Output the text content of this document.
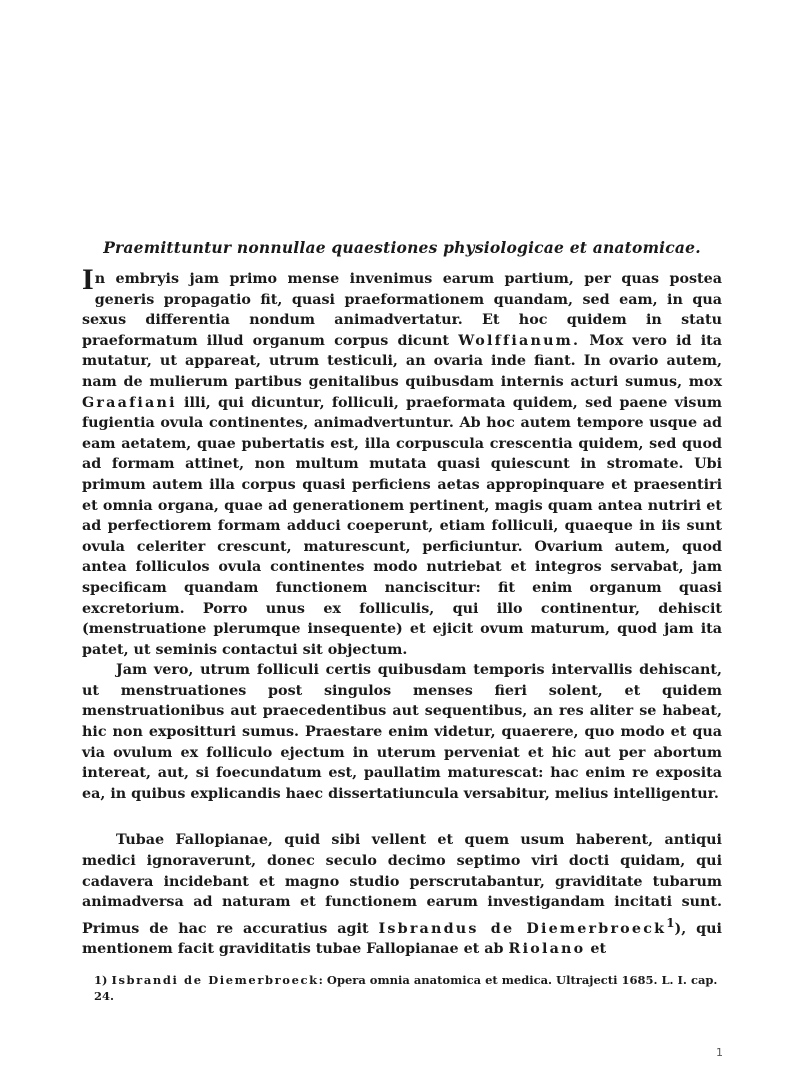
Praemittuntur nonnullae quaestiones physiologicae et anatomicae.

In embryis jam primo mense invenimus earum partium, per quas postea generis propagatio fit, quasi praeformationem quandam, sed eam, in qua sexus differentia nondum animadvertatur. Et hoc quidem in statu praeformatum illud organum corpus dicunt Wolffianum. Mox vero id ita mutatur, ut appareat, utrum testiculi, an ovaria inde fiant. In ovario autem, nam de mulierum partibus genitalibus quibusdam internis acturi sumus, mox Graafiani illi, qui dicuntur, folliculi, praeformata quidem, sed paene visum fugientia ovula continentes, animadvertuntur. Ab hoc autem tempore usque ad eam aetatem, quae pubertatis est, illa corpuscula crescentia quidem, sed quod ad formam attinet, non multum mutata quasi quiescunt in stromate. Ubi primum autem illa corpus quasi perficiens aetas appropinquare et praesentiri et omnia organa, quae ad generationem pertinent, magis quam antea nutriri et ad perfectiorem formam adduci coeperunt, etiam folliculi, quaeque in iis sunt ovula celeriter crescunt, maturescunt, perficiuntur. Ovarium autem, quod antea folliculos ovula continentes modo nutriebat et integros servabat, jam specificam quandam functionem nanciscitur: fit enim organum quasi excretorium. Porro unus ex folliculis, qui illo continentur, dehiscit (menstruatione plerumque insequente) et ejicit ovum maturum, quod jam ita patet, ut seminis contactui sit objectum.

Jam vero, utrum folliculi certis quibusdam temporis intervallis dehiscant, ut menstruationes post singulos menses fieri solent, et quidem menstruationibus aut praecedentibus aut sequentibus, an res aliter se habeat, hic non expositturi sumus. Praestare enim videtur, quaerere, quo modo et qua via ovulum ex folliculo ejectum in uterum perveniat et hic aut per abortum intereat, aut, si foecundatum est, paullatim maturescat: hac enim re exposita ea, in quibus explicandis haec dissertatiuncula versabitur, melius intelligentur.

Tubae Fallopianae, quid sibi vellent et quem usum haberent, antiqui medici ignoraverunt, donec seculo decimo septimo viri docti quidam, qui cadavera incidebant et magno studio perscrutabantur, graviditate tubarum animadversa ad naturam et functionem earum investigandam incitati sunt. Primus de hac re accuratius agit Isbrandus de Diemerbroeck$^1$), qui mentionem facit graviditatis tubae Fallopianae et ab Riolano et

1) Isbrandi de Diemerbroeck: Opera omnia anatomica et medica. Ultrajecti 1685. L. I. cap. 24.
1
